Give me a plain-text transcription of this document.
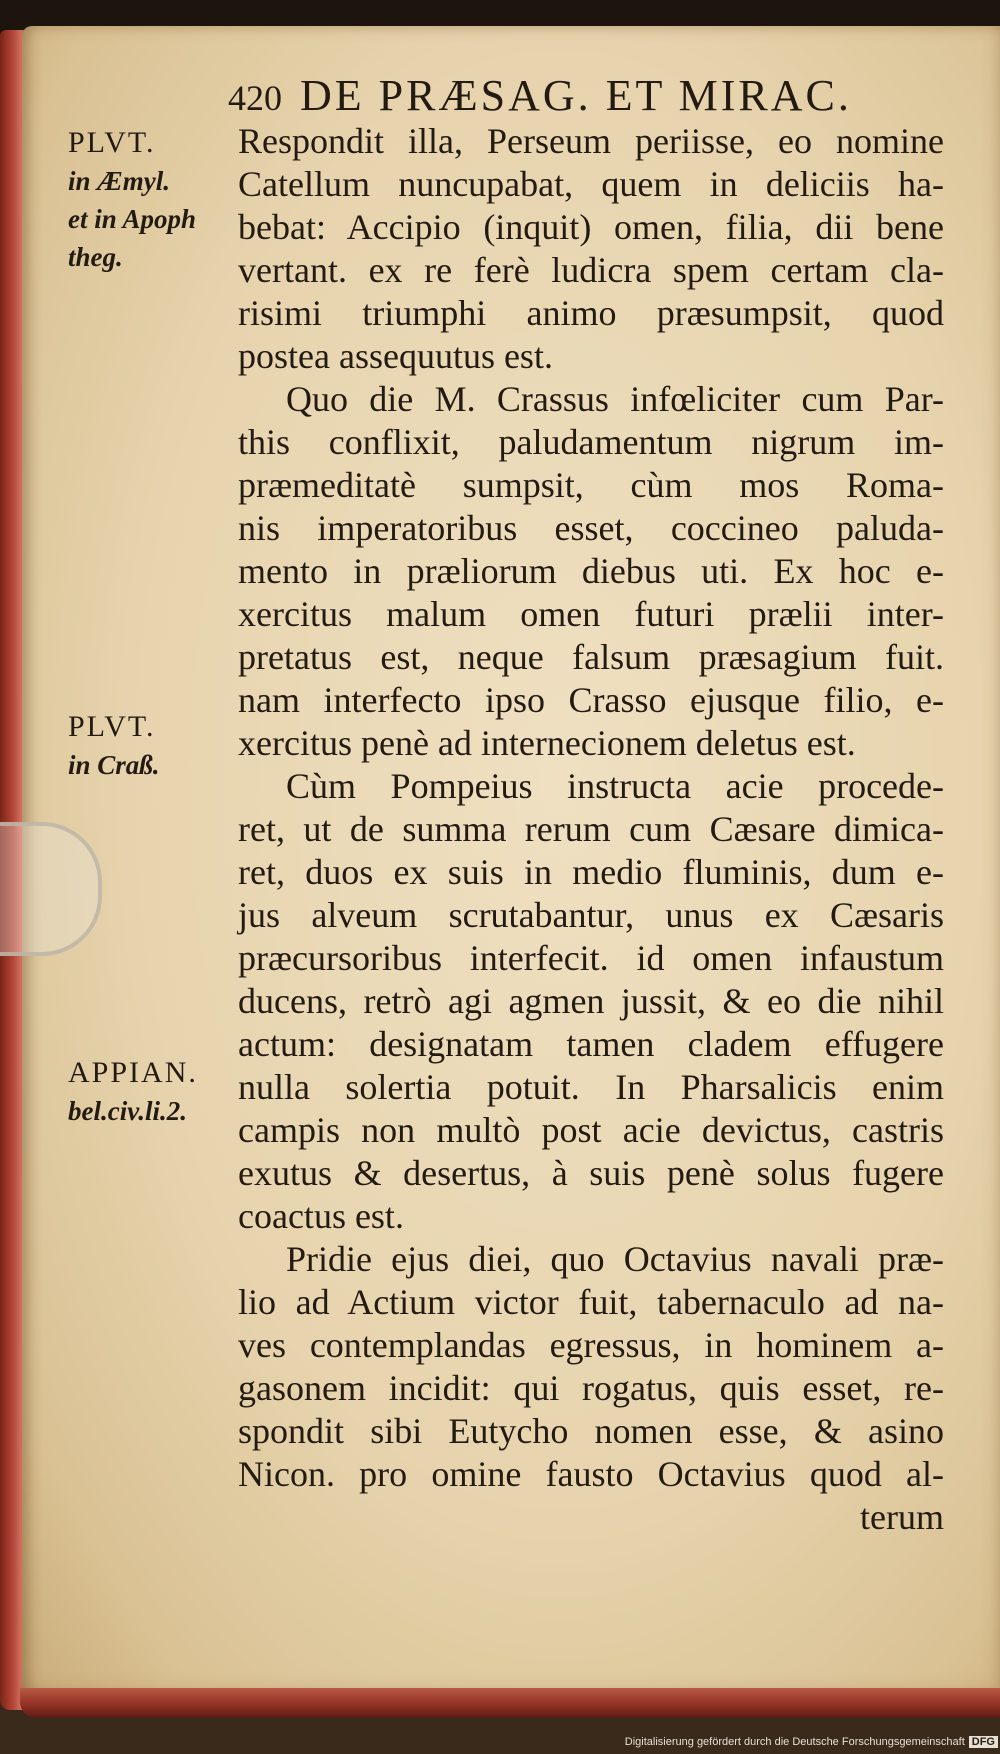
420 DE PRÆSAG. ET MIRAC.
PLVT.
in Æmyl.
et in Apoph
theg.
PLVT.
in Craß.
APPIAN.
bel.civ.li.2.
Respondit illa, Perseum periisse, eo nomine
Catellum nuncupabat, quem in deliciis ha-
bebat: Accipio (inquit) omen, filia, dii bene
vertant. ex re ferè ludicra spem certam cla-
risimi triumphi animo præsumpsit, quod
postea assequutus est.
Quo die M. Crassus infœliciter cum Par-
this conflixit, paludamentum nigrum im-
præmeditatè sumpsit, cùm mos Roma-
nis imperatoribus esset, coccineo paluda-
mento in præliorum diebus uti. Ex hoc e-
xercitus malum omen futuri prælii inter-
pretatus est, neque falsum præsagium fuit.
nam interfecto ipso Crasso ejusque filio, e-
xercitus penè ad internecionem deletus est.
Cùm Pompeius instructa acie procede-
ret, ut de summa rerum cum Cæsare dimica-
ret, duos ex suis in medio fluminis, dum e-
jus alveum scrutabantur, unus ex Cæsaris
præcursoribus interfecit. id omen infaustum
ducens, retrò agi agmen jussit, & eo die nihil
actum: designatam tamen cladem effugere
nulla solertia potuit. In Pharsalicis enim
campis non multò post acie devictus, castris
exutus & desertus, à suis penè solus fugere
coactus est.
Pridie ejus diei, quo Octavius navali præ-
lio ad Actium victor fuit, tabernaculo ad na-
ves contemplandas egressus, in hominem a-
gasonem incidit: qui rogatus, quis esset, re-
spondit sibi Eutycho nomen esse, & asino
Nicon. pro omine fausto Octavius quod al-
terum
Digitalisierung gefördert durch die Deutsche Forschungsgemeinschaft DFG
